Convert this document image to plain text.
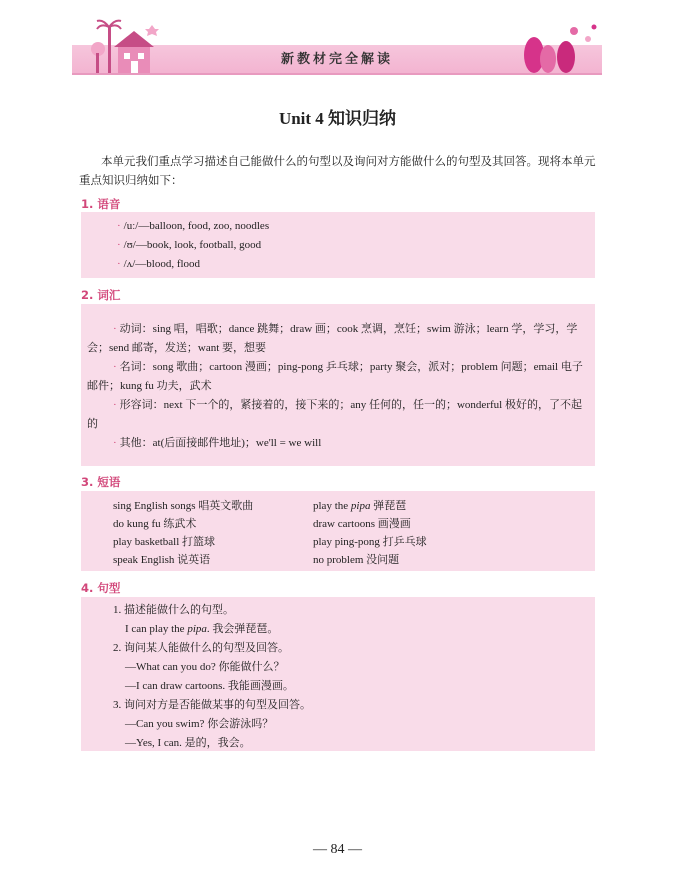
新教材完全解读
Unit 4 知识归纳
本单元我们重点学习描述自己能做什么的句型以及询问对方能做什么的句型及其回答。现将本单元重点知识归纳如下：
1. 语音
· /uː/—balloon, food, zoo, noodles
· /ʊ/—book, look, football, good
· /ʌ/—blood, flood
2. 词汇

· 动词：sing 唱，唱歌；dance 跳舞；draw 画；cook 烹调，烹饪；swim 游泳；learn 学，学习，学会；send 邮寄，发送；want 要，想要

· 名词：song 歌曲；cartoon 漫画；ping-pong 乒乓球；party 聚会，派对；problem 问题；email 电子邮件；kung fu 功夫，武术

· 形容词：next 下一个的，紧接着的，接下来的；any 任何的，任一的；wonderful 极好的，了不起的

· 其他：at(后面接邮件地址)；we'll = we will

3. 短语
sing English songs 唱英文歌曲
do kung fu 练武术
play basketball 打篮球
speak English 说英语
play the pipa 弹琵琶
draw cartoons 画漫画
play ping-pong 打乒乓球
no problem 没问题
4. 句型
1. 描述能做什么的句型。
I can play the pipa. 我会弹琵琶。
2. 询问某人能做什么的句型及回答。
—What can you do? 你能做什么？
—I can draw cartoons. 我能画漫画。
3. 询问对方是否能做某事的句型及回答。
—Can you swim? 你会游泳吗？
—Yes, I can. 是的，我会。
— 84 —
